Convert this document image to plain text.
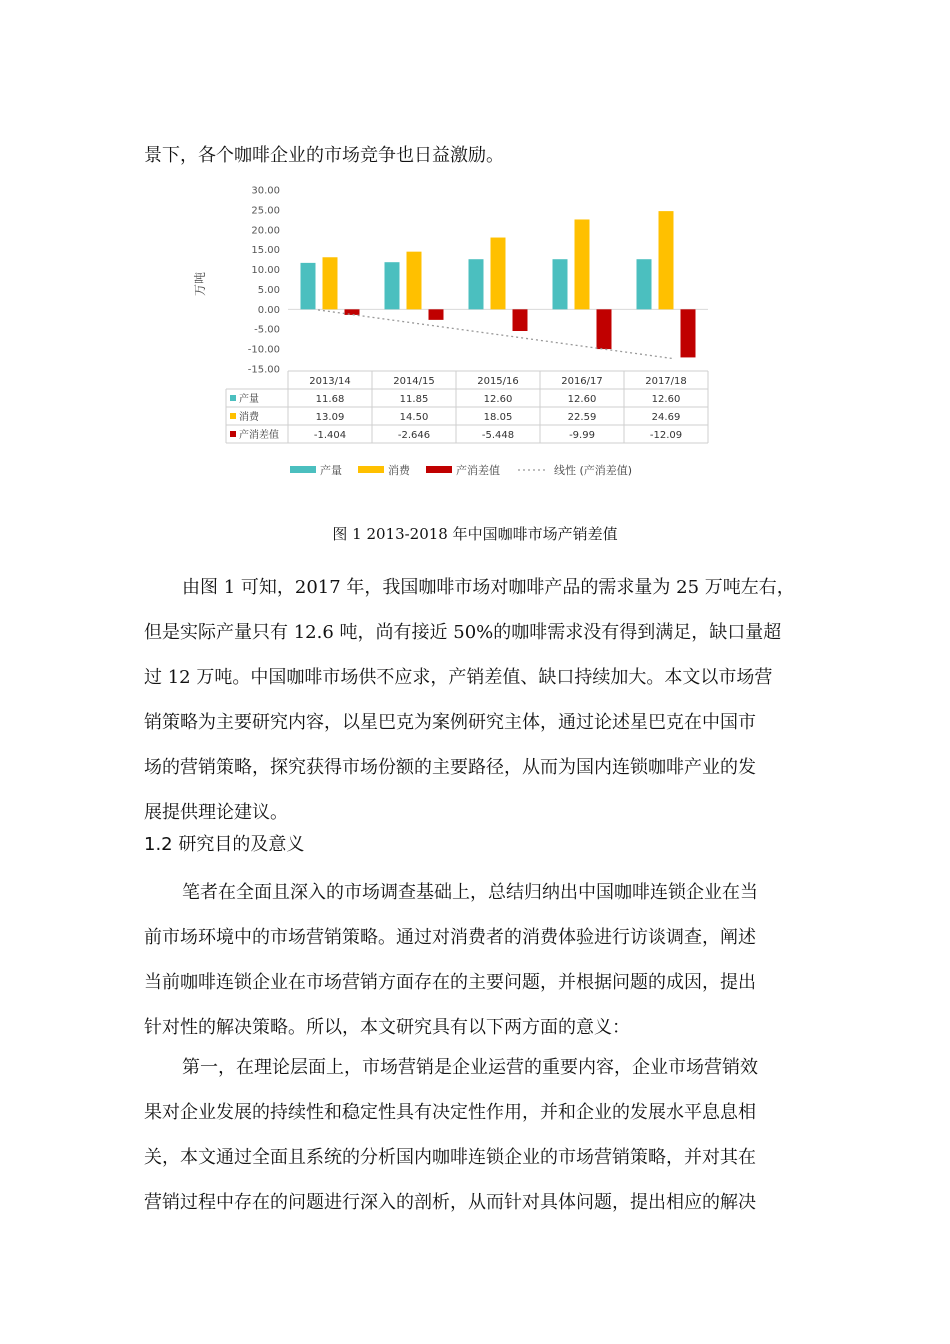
景下，各个咖啡企业的市场竞争也日益激励。
30.00
25.00
20.00
15.00
10.00
5.00
0.00
-5.00
-10.00
-15.00
万吨
2013/14	2014/15	2015/16	2016/17	2017/18
产量	11.68	11.85	12.60	12.60	12.60
消费	13.09	14.50	18.05	22.59	24.69
产消差值	-1.404	-2.646	-5.448	-9.99	-12.09
产量	消费	产消差值	线性 (产消差值)
图 1 2013-2018 年中国咖啡市场产销差值
由图 1 可知，2017 年，我国咖啡市场对咖啡产品的需求量为 25 万吨左右，
但是实际产量只有 12.6 吨，尚有接近 50%的咖啡需求没有得到满足，缺口量超
过 12 万吨。中国咖啡市场供不应求，产销差值、缺口持续加大。本文以市场营
销策略为主要研究内容，以星巴克为案例研究主体，通过论述星巴克在中国市
场的营销策略，探究获得市场份额的主要路径，从而为国内连锁咖啡产业的发
展提供理论建议。
1.2 研究目的及意义
笔者在全面且深入的市场调查基础上，总结归纳出中国咖啡连锁企业在当
前市场环境中的市场营销策略。通过对消费者的消费体验进行访谈调查，阐述
当前咖啡连锁企业在市场营销方面存在的主要问题，并根据问题的成因，提出
针对性的解决策略。所以，本文研究具有以下两方面的意义：
第一，在理论层面上，市场营销是企业运营的重要内容，企业市场营销效
果对企业发展的持续性和稳定性具有决定性作用，并和企业的发展水平息息相
关，本文通过全面且系统的分析国内咖啡连锁企业的市场营销策略，并对其在
营销过程中存在的问题进行深入的剖析，从而针对具体问题，提出相应的解决
